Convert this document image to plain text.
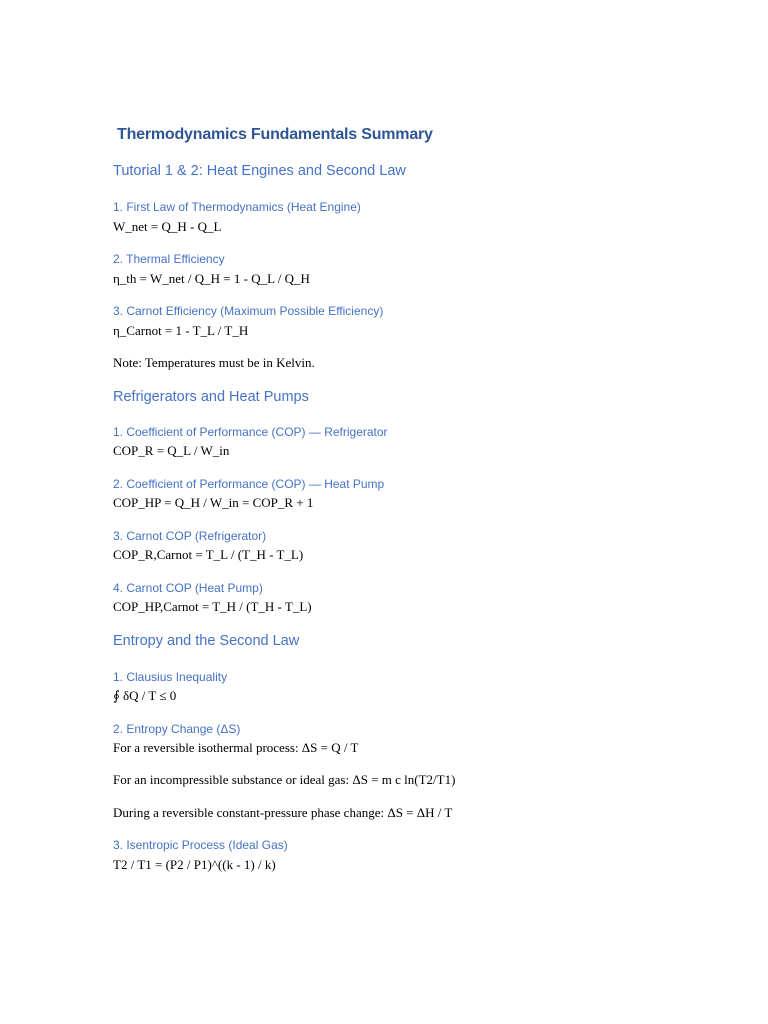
Thermodynamics Fundamentals Summary
Tutorial 1 & 2: Heat Engines and Second Law
1. First Law of Thermodynamics (Heat Engine)
W_net = Q_H - Q_L
2. Thermal Efficiency
η_th = W_net / Q_H = 1 - Q_L / Q_H
3. Carnot Efficiency (Maximum Possible Efficiency)
η_Carnot = 1 - T_L / T_H
Note: Temperatures must be in Kelvin.
Refrigerators and Heat Pumps
1. Coefficient of Performance (COP) — Refrigerator
COP_R = Q_L / W_in
2. Coefficient of Performance (COP) — Heat Pump
COP_HP = Q_H / W_in = COP_R + 1
3. Carnot COP (Refrigerator)
COP_R,Carnot = T_L / (T_H - T_L)
4. Carnot COP (Heat Pump)
COP_HP,Carnot = T_H / (T_H - T_L)
Entropy and the Second Law
1. Clausius Inequality
∮ δQ / T ≤ 0
2. Entropy Change (ΔS)
For a reversible isothermal process: ΔS = Q / T
For an incompressible substance or ideal gas: ΔS = m c ln(T2/T1)
During a reversible constant-pressure phase change: ΔS = ΔH / T
3. Isentropic Process (Ideal Gas)
T2 / T1 = (P2 / P1)^((k - 1) / k)
